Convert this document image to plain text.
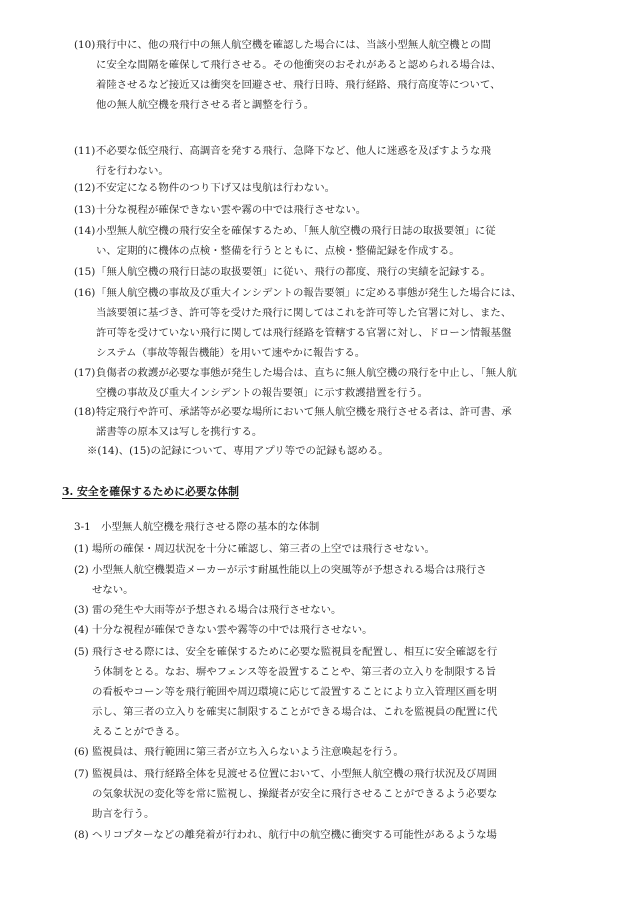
(10) 飛行中に、他の飛行中の無人航空機を確認した場合には、当該小型無人航空機との間
に安全な間隔を確保して飛行させる。その他衝突のおそれがあると認められる場合は、
着陸させるなど接近又は衝突を回避させ、飛行日時、飛行経路、飛行高度等について、
他の無人航空機を飛行させる者と調整を行う。
(11) 不必要な低空飛行、高調音を発する飛行、急降下など、他人に迷惑を及ぼすような飛
行を行わない。
(12) 不安定になる物件のつり下げ又は曳航は行わない。
(13) 十分な視程が確保できない雲や霧の中では飛行させない。
(14) 小型無人航空機の飛行安全を確保するため、「無人航空機の飛行日誌の取扱要領」に従
い、定期的に機体の点検・整備を行うとともに、点検・整備記録を作成する。
(15) 「無人航空機の飛行日誌の取扱要領」に従い、飛行の都度、飛行の実績を記録する。
(16) 「無人航空機の事故及び重大インシデントの報告要領」に定める事態が発生した場合には、
当該要領に基づき、許可等を受けた飛行に関してはこれを許可等した官署に対し、また、
許可等を受けていない飛行に関しては飛行経路を管轄する官署に対し、ドローン情報基盤
システム（事故等報告機能）を用いて速やかに報告する。
(17) 負傷者の救護が必要な事態が発生した場合は、直ちに無人航空機の飛行を中止し、「無人航
空機の事故及び重大インシデントの報告要領」に示す救護措置を行う。
(18) 特定飛行や許可、承諾等が必要な場所において無人航空機を飛行させる者は、許可書、承
諾書等の原本又は写しを携行する。
※(14)、(15)の記録について、専用アプリ等での記録も認める。
3. 安全を確保するために必要な体制
3-1　小型無人航空機を飛行させる際の基本的な体制
(1) 場所の確保・周辺状況を十分に確認し、第三者の上空では飛行させない。
(2) 小型無人航空機製造メーカーが示す耐風性能以上の突風等が予想される場合は飛行さ
せない。
(3) 雷の発生や大雨等が予想される場合は飛行させない。
(4) 十分な視程が確保できない雲や霧等の中では飛行させない。
(5) 飛行させる際には、安全を確保するために必要な監視員を配置し、相互に安全確認を行
う体制をとる。なお、塀やフェンス等を設置することや、第三者の立入りを制限する旨
の看板やコーン等を飛行範囲や周辺環境に応じて設置することにより立入管理区画を明
示し、第三者の立入りを確実に制限することができる場合は、これを監視員の配置に代
えることができる。
(6) 監視員は、飛行範囲に第三者が立ち入らないよう注意喚起を行う。
(7) 監視員は、飛行経路全体を見渡せる位置において、小型無人航空機の飛行状況及び周囲
の気象状況の変化等を常に監視し、操縦者が安全に飛行させることができるよう必要な
助言を行う。
(8) ヘリコプターなどの離発着が行われ、航行中の航空機に衝突する可能性があるような場
